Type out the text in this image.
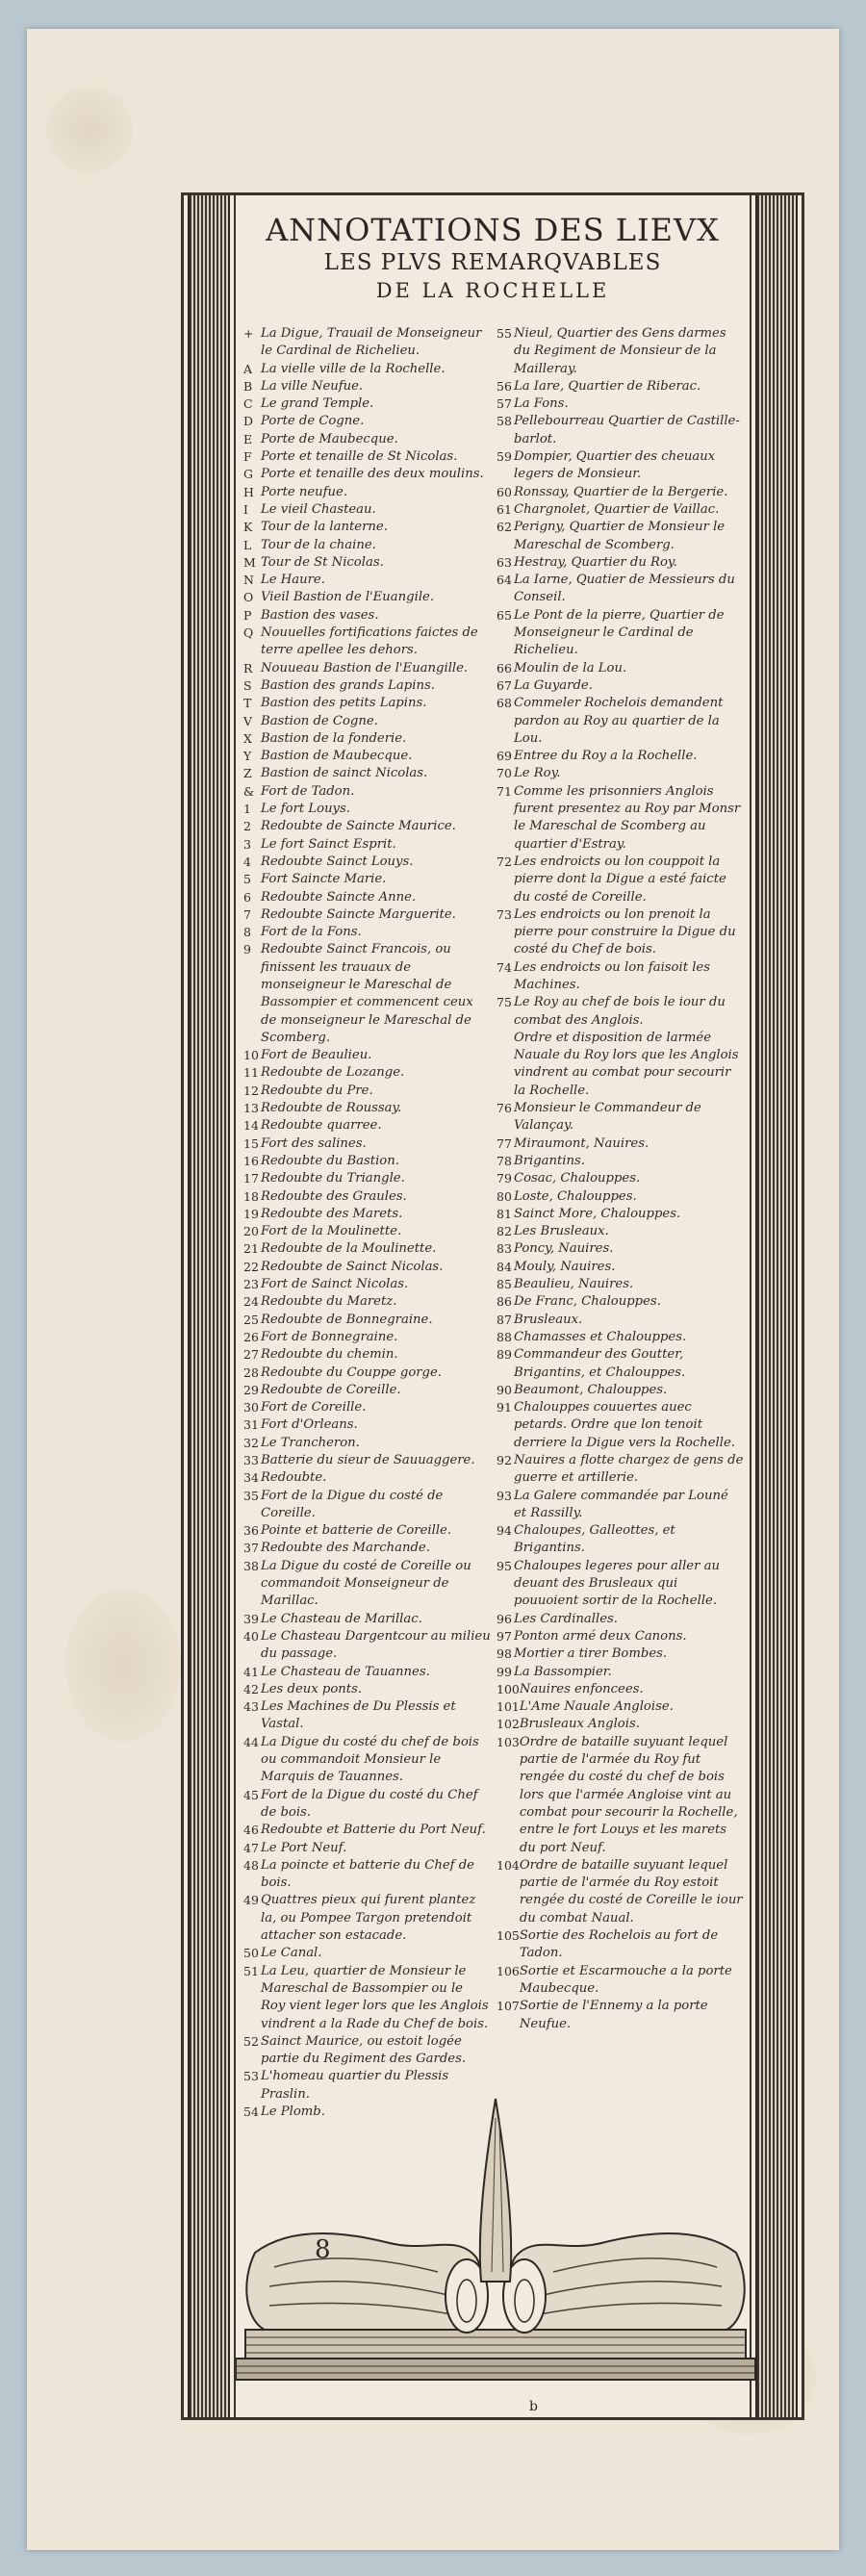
ANNOTATIONS DES LIEVX
LES PLVS REMARQVABLES
DE LA ROCHELLE
+ La Digue, Trauail de Monseigneur le Cardinal de Richelieu.
A La vielle ville de la Rochelle.
B La ville Neufue.
C Le grand Temple.
D Porte de Cogne.
E Porte de Maubecque.
F Porte et tenaille de St Nicolas.
G Porte et tenaille des deux moulins.
H Porte neufue.
I Le vieil Chasteau.
K Tour de la lanterne.
L Tour de la chaine.
M Tour de St Nicolas.
N Le Haure.
O Vieil Bastion de l'Euangile.
P Bastion des vases.
Q Nouuelles fortifications faictes de terre apellee les dehors.
R Nouueau Bastion de l'Euangille.
S Bastion des grands Lapins.
T Bastion des petits Lapins.
V Bastion de Cogne.
X Bastion de la fonderie.
Y Bastion de Maubecque.
Z Bastion de sainct Nicolas.
& Fort de Tadon.
1 Le fort Louys.
2 Redoubte de Saincte Maurice.
3 Le fort Sainct Esprit.
4 Redoubte Sainct Louys.
5 Fort Saincte Marie.
6 Redoubte Saincte Anne.
7 Redoubte Saincte Marguerite.
8 Fort de la Fons.
9 Redoubte Sainct Francois, ou finissent les trauaux de monseigneur le Mareschal de Bassompier et commencent ceux de monseigneur le Mareschal de Scomberg.
10 Fort de Beaulieu.
11 Redoubte de Lozange.
12 Redoubte du Pre.
13 Redoubte de Roussay.
14 Redoubte quarree.
15 Fort des salines.
16 Redoubte du Bastion.
17 Redoubte du Triangle.
18 Redoubte des Graules.
19 Redoubte des Marets.
20 Fort de la Moulinette.
21 Redoubte de la Moulinette.
22 Redoubte de Sainct Nicolas.
23 Fort de Sainct Nicolas.
24 Redoubte du Maretz.
25 Redoubte de Bonnegraine.
26 Fort de Bonnegraine.
27 Redoubte du chemin.
28 Redoubte du Couppe gorge.
29 Redoubte de Coreille.
30 Fort de Coreille.
31 Fort d'Orleans.
32 Le Trancheron.
33 Batterie du sieur de Sauuaggere.
34 Redoubte.
35 Fort de la Digue du costé de Coreille.
36 Pointe et batterie de Coreille.
37 Redoubte des Marchande.
38 La Digue du costé de Coreille ou commandoit Monseigneur de Marillac.
39 Le Chasteau de Marillac.
40 Le Chasteau Dargentcour au milieu du passage.
41 Le Chasteau de Tauannes.
42 Les deux ponts.
43 Les Machines de Du Plessis et Vastal.
44 La Digue du costé du chef de bois ou commandoit Monsieur le Marquis de Tauannes.
45 Fort de la Digue du costé du Chef de bois.
46 Redoubte et Batterie du Port Neuf.
47 Le Port Neuf.
48 La poincte et batterie du Chef de bois.
49 Quattres pieux qui furent plantez la, ou Pompee Targon pretendoit attacher son estacade.
50 Le Canal.
51 La Leu, quartier de Monsieur le Mareschal de Bassompier ou le Roy vient leger lors que les Anglois vindrent a la Rade du Chef de bois.
52 Sainct Maurice, ou estoit logée partie du Regiment des Gardes.
53 L'homeau quartier du Plessis Praslin.
54 Le Plomb.
55 Nieul, Quartier des Gens darmes du Regiment de Monsieur de la Mailleray.
56 La Iare, Quartier de Riberac.
57 La Fons.
58 Pellebourreau Quartier de Castille-barlot.
59 Dompier, Quartier des cheuaux legers de Monsieur.
60 Ronssay, Quartier de la Bergerie.
61 Chargnolet, Quartier de Vaillac.
62 Perigny, Quartier de Monsieur le Mareschal de Scomberg.
63 Hestray, Quartier du Roy.
64 La Iarne, Quatier de Messieurs du Conseil.
65 Le Pont de la pierre, Quartier de Monseigneur le Cardinal de Richelieu.
66 Moulin de la Lou.
67 La Guyarde.
68 Commeler Rochelois demandent pardon au Roy au quartier de la Lou.
69 Entree du Roy a la Rochelle.
70 Le Roy.
71 Comme les prisonniers Anglois furent presentez au Roy par Monsr le Mareschal de Scomberg au quartier d'Estray.
72 Les endroicts ou lon couppoit la pierre dont la Digue a esté faicte du costé de Coreille.
73 Les endroicts ou lon prenoit la pierre pour construire la Digue du costé du Chef de bois.
74 Les endroicts ou lon faisoit les Machines.
75 Le Roy au chef de bois le iour du combat des Anglois.
Ordre et disposition de larmée Nauale du Roy lors que les Anglois vindrent au combat pour secourir la Rochelle.
76 Monsieur le Commandeur de Valançay.
77 Miraumont, Nauires.
78 Brigantins.
79 Cosac, Chalouppes.
80 Loste, Chalouppes.
81 Sainct More, Chalouppes.
82 Les Brusleaux.
83 Poncy, Nauires.
84 Mouly, Nauires.
85 Beaulieu, Nauires.
86 De Franc, Chalouppes.
87 Brusleaux.
88 Chamasses et Chalouppes.
89 Commandeur des Goutter, Brigantins, et Chalouppes.
90 Beaumont, Chalouppes.
91 Chalouppes couuertes auec petards. Ordre que lon tenoit derriere la Digue vers la Rochelle.
92 Nauires a flotte chargez de gens de guerre et artillerie.
93 La Galere commandée par Louné et Rassilly.
94 Chaloupes, Galleottes, et Brigantins.
95 Chaloupes legeres pour aller au deuant des Brusleaux qui pouuoient sortir de la Rochelle.
96 Les Cardinalles.
97 Ponton armé deux Canons.
98 Mortier a tirer Bombes.
99 La Bassompier.
100 Nauires enfoncees.
101 L'Ame Nauale Angloise.
102 Brusleaux Anglois.
103 Ordre de bataille suyuant lequel partie de l'armée du Roy fut rengée du costé du chef de bois lors que l'armée Angloise vint au combat pour secourir la Rochelle, entre le fort Louys et les marets du port Neuf.
104 Ordre de bataille suyuant lequel partie de l'armée du Roy estoit rengée du costé de Coreille le iour du combat Naual.
105 Sortie des Rochelois au fort de Tadon.
106 Sortie et Escarmouche a la porte Maubecque.
107 Sortie de l'Ennemy a la porte Neufue.
8
b
